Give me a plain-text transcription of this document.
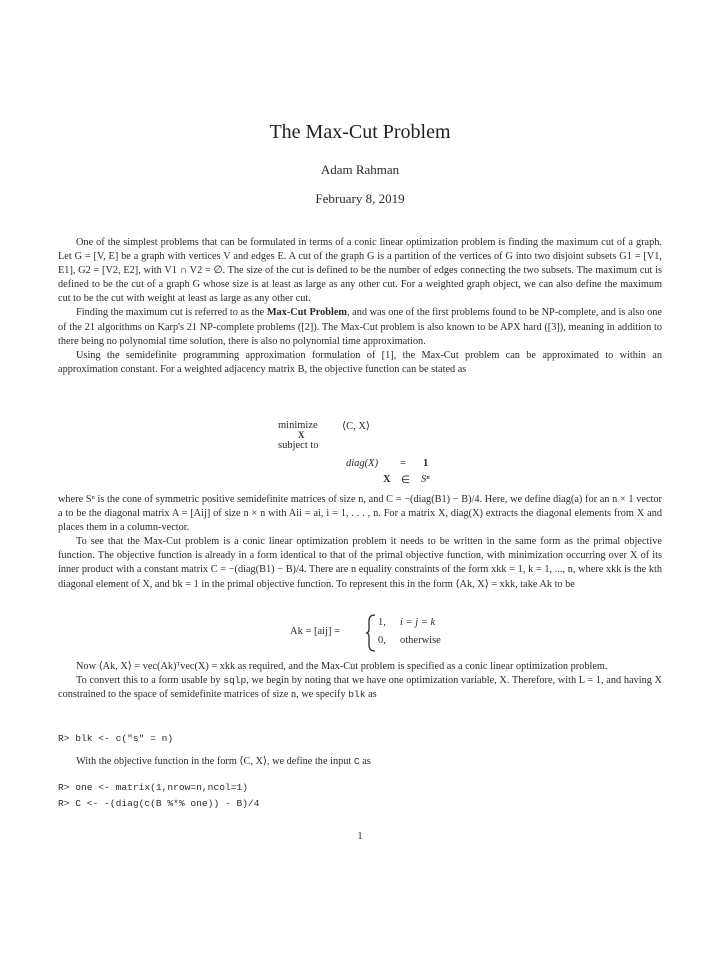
The Max-Cut Problem
Adam Rahman
February 8, 2019

One of the simplest problems that can be formulated in terms of a conic linear optimization problem is finding the maximum cut of a graph. Let G = [V, E] be a graph with vertices V and edges E. A cut of the graph G is a partition of the vertices of G into two disjoint subsets G1 = [V1, E1], G2 = [V2, E2], with V1 ∩ V2 = ∅. The size of the cut is defined to be the number of edges connecting the two subsets. The maximum cut is defined to be the cut of a graph G whose size is at least as large as any other cut. For a weighted graph object, we can also define the maximum cut to be the cut with weight at least as large as any other cut.

Finding the maximum cut is referred to as the Max-Cut Problem, and was one of the first problems found to be NP-complete, and is also one of the 21 algorithms on Karp's 21 NP-complete problems ([2]). The Max-Cut problem is also known to be APX hard ([3]), meaning in addition to there being no polynomial time solution, there is also no polynomial time approximation.

Using the semidefinite programming approximation formulation of [1], the Max-Cut problem can be approximated to within an approximation constant. For a weighted adjacency matrix B, the objective function can be stated as

minimize
X
⟨C, X⟩
subject to
diag(X) = 1
X ∈ Sⁿ

where Sⁿ is the cone of symmetric positive semidefinite matrices of size n, and C = −(diag(B1) − B)/4. Here, we define diag(a) for an n × 1 vector a to be the diagonal matrix A = [Aij] of size n × n with Aii = ai, i = 1, . . . , n. For a matrix X, diag(X) extracts the diagonal elements from X and places them in a column-vector.

To see that the Max-Cut problem is a conic linear optimization problem it needs to be written in the same form as the primal objective function. The objective function is already in a form identical to that of the primal objective function, with minimization occurring over X of its inner product with a constant matrix C = −(diag(B1) − B)/4. There are n equality constraints of the form xkk = 1, k = 1, ..., n, where xkk is the kth diagonal element of X, and bk = 1 in the primal objective function. To represent this in the form ⟨Ak, X⟩ = xkk, take Ak to be

Ak = [aij] =
1, i = j = k
0, otherwise

Now ⟨Ak, X⟩ = vec(Ak)ᵀvec(X) = xkk as required, and the Max-Cut problem is specified as a conic linear optimization problem.

To convert this to a form usable by sqlp, we begin by noting that we have one optimization variable, X. Therefore, with L = 1, and having X constrained to the space of semidefinite matrices of size n, we specify blk as

R> blk <- c("s" = n)

With the objective function in the form ⟨C, X⟩, we define the input C as

R> one <- matrix(1,nrow=n,ncol=1)
R> C <- -(diag(c(B %*% one)) - B)/4
1
